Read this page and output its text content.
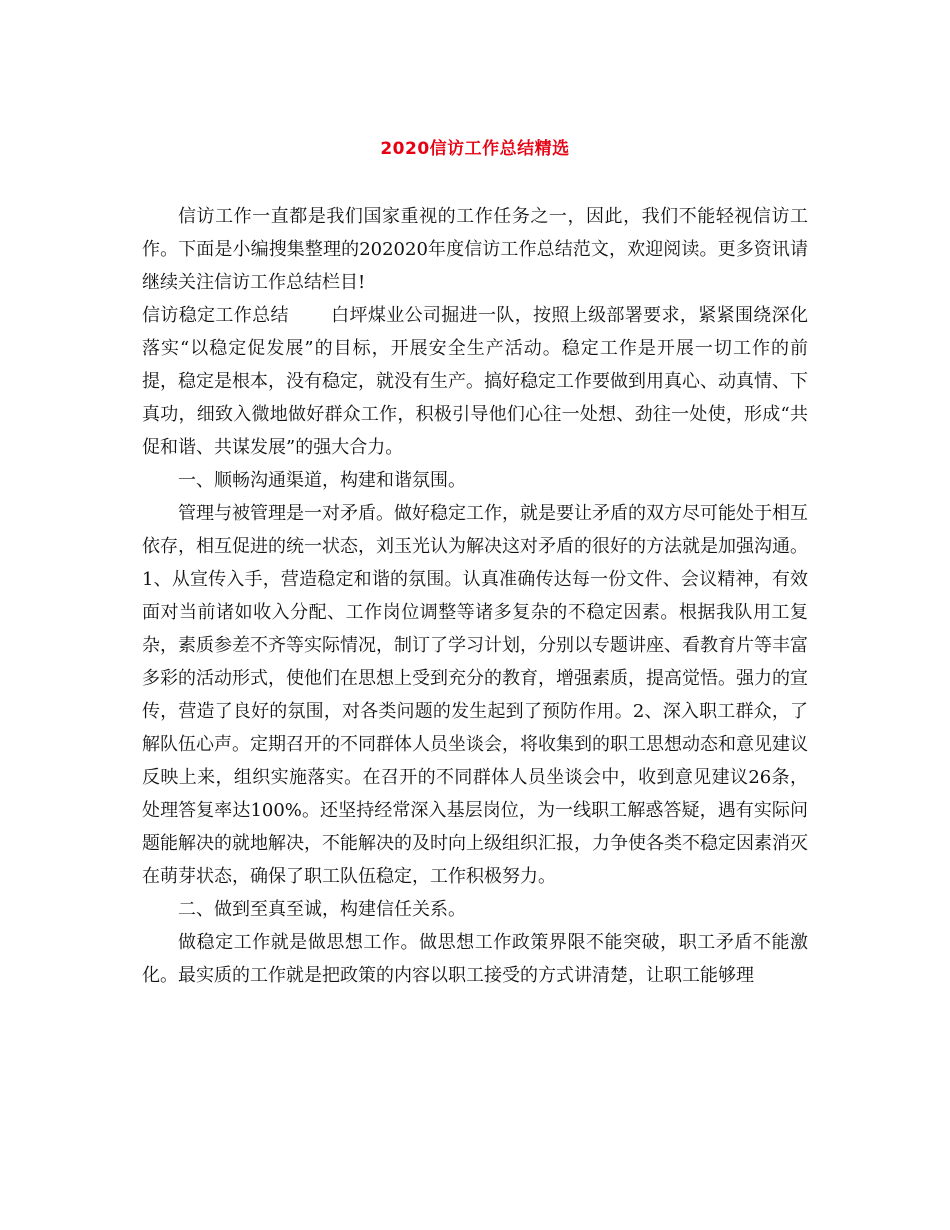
2020信访工作总结精选

信访工作一直都是我们国家重视的工作任务之一，因此，我们不能轻视信访工作。下面是小编搜集整理的202020年度信访工作总结范文，欢迎阅读。更多资讯请继续关注信访工作总结栏目!

信访稳定工作总结 白坪煤业公司掘进一队，按照上级部署要求，紧紧围绕深化落实“以稳定促发展”的目标，开展安全生产活动。稳定工作是开展一切工作的前提，稳定是根本，没有稳定，就没有生产。搞好稳定工作要做到用真心、动真情、下真功，细致入微地做好群众工作，积极引导他们心往一处想、劲往一处使，形成“共促和谐、共谋发展”的强大合力。

一、顺畅沟通渠道，构建和谐氛围。

管理与被管理是一对矛盾。做好稳定工作，就是要让矛盾的双方尽可能处于相互依存，相互促进的统一状态，刘玉光认为解决这对矛盾的很好的方法就是加强沟通。1、从宣传入手，营造稳定和谐的氛围。认真准确传达每一份文件、会议精神，有效面对当前诸如收入分配、工作岗位调整等诸多复杂的不稳定因素。根据我队用工复杂，素质参差不齐等实际情况，制订了学习计划，分别以专题讲座、看教育片等丰富多彩的活动形式，使他们在思想上受到充分的教育，增强素质，提高觉悟。强力的宣传，营造了良好的氛围，对各类问题的发生起到了预防作用。2、深入职工群众，了解队伍心声。定期召开的不同群体人员坐谈会，将收集到的职工思想动态和意见建议反映上来，组织实施落实。在召开的不同群体人员坐谈会中，收到意见建议26条，处理答复率达100%。还坚持经常深入基层岗位，为一线职工解惑答疑，遇有实际问题能解决的就地解决，不能解决的及时向上级组织汇报，力争使各类不稳定因素消灭在萌芽状态，确保了职工队伍稳定，工作积极努力。

二、做到至真至诚，构建信任关系。

做稳定工作就是做思想工作。做思想工作政策界限不能突破，职工矛盾不能激化。最实质的工作就是把政策的内容以职工接受的方式讲清楚，让职工能够理
